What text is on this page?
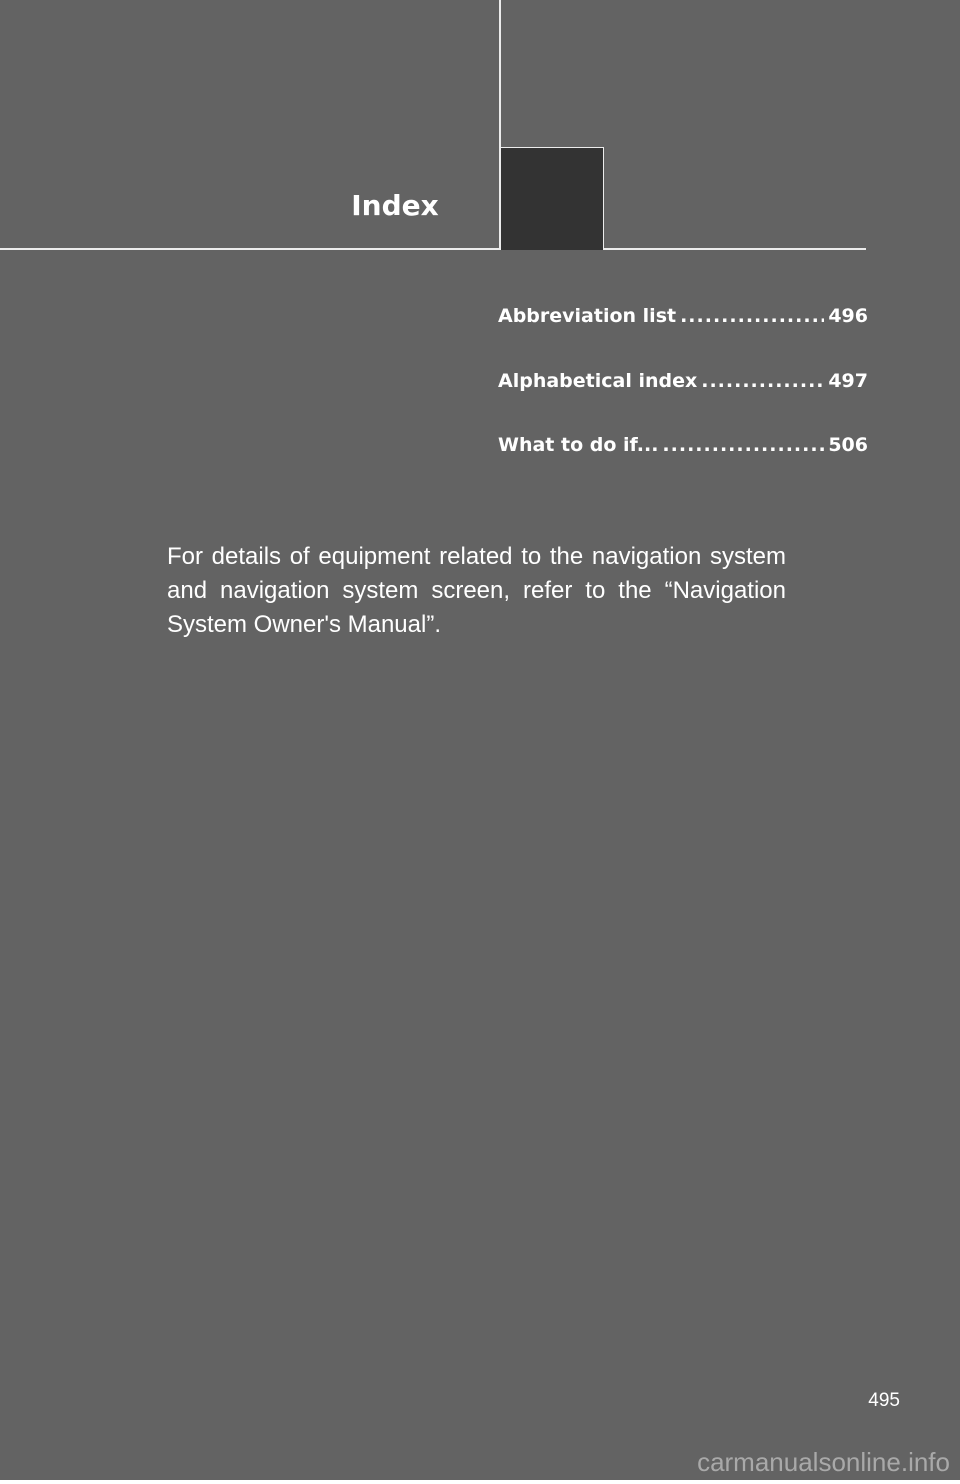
Index
Abbreviation list .....	496
Alphabetical index .....	497
What to do if... .....	506

For details of equipment related to the navigation system and navigation system screen, refer to the “Navigation System Owner's Manual”.

495

carmanualsonline.info
